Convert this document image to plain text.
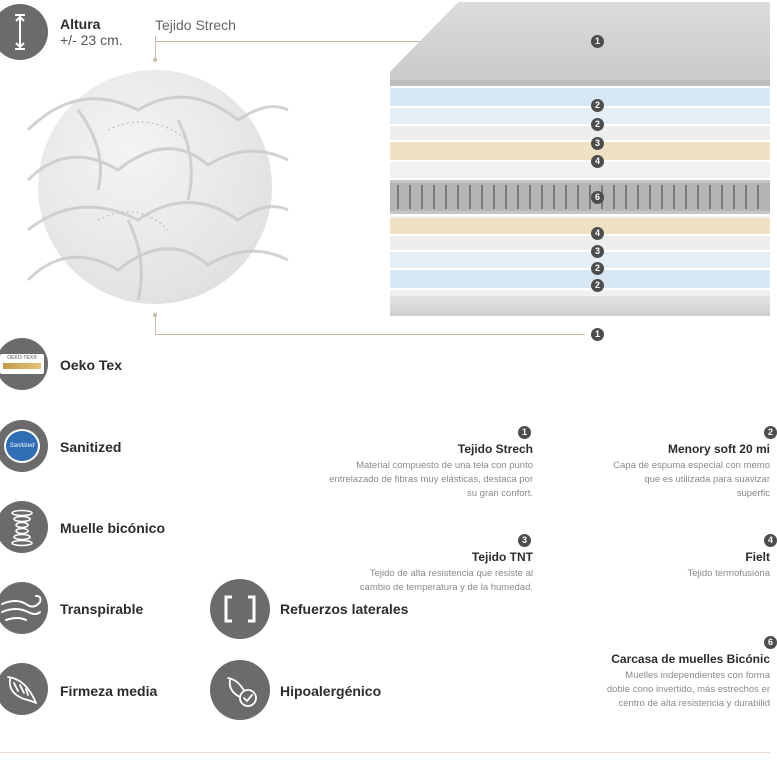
Altura
+/- 23 cm.
Tejido Strech
1
2
2
3
4
6
4
3
2
2
1
OEKO-TEX®	Oeko Tex
Sanitized	Sanitized
Muelle bicónico
Transpirable
Firmeza media
Refuerzos laterales
Hipoalergénico
1
Tejido Strech
Material compuesto de una tela con punto
entrelazado de fibras muy elásticas, destaca por
su gran confort.
3
Tejido TNT
Tejido de alta resistencia que resiste al
cambio de temperatura y de la humedad.
2
Menory soft 20 mi
Capa de espuma especial con memo
que es utilizada para suavizar
superfic
4
Fielt
Tejido termofusiona
6
Carcasa de muelles Bicónic
Muelles independientes con forma
doble cono invertido, más estrechos er
centro de alta resistencia y durabilid
